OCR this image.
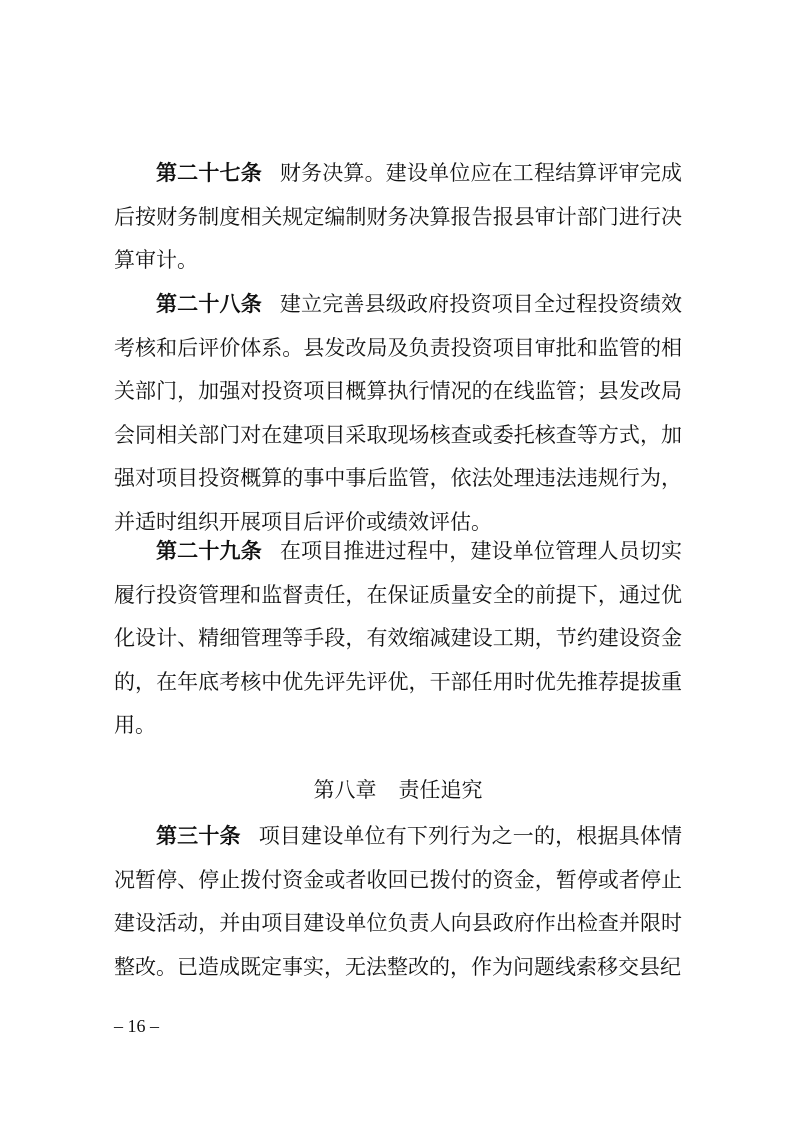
第二十七条 财务决算。建设单位应在工程结算评审完成后按财务制度相关规定编制财务决算报告报县审计部门进行决算审计。

第二十八条 建立完善县级政府投资项目全过程投资绩效考核和后评价体系。县发改局及负责投资项目审批和监管的相关部门，加强对投资项目概算执行情况的在线监管；县发改局会同相关部门对在建项目采取现场核查或委托核查等方式，加强对项目投资概算的事中事后监管，依法处理违法违规行为，并适时组织开展项目后评价或绩效评估。

第二十九条 在项目推进过程中，建设单位管理人员切实履行投资管理和监督责任，在保证质量安全的前提下，通过优化设计、精细管理等手段，有效缩减建设工期，节约建设资金的，在年底考核中优先评先评优，干部任用时优先推荐提拔重用。

第八章 责任追究

第三十条 项目建设单位有下列行为之一的，根据具体情况暂停、停止拨付资金或者收回已拨付的资金，暂停或者停止建设活动，并由项目建设单位负责人向县政府作出检查并限时整改。已造成既定事实，无法整改的，作为问题线索移交县纪

– 16 –
